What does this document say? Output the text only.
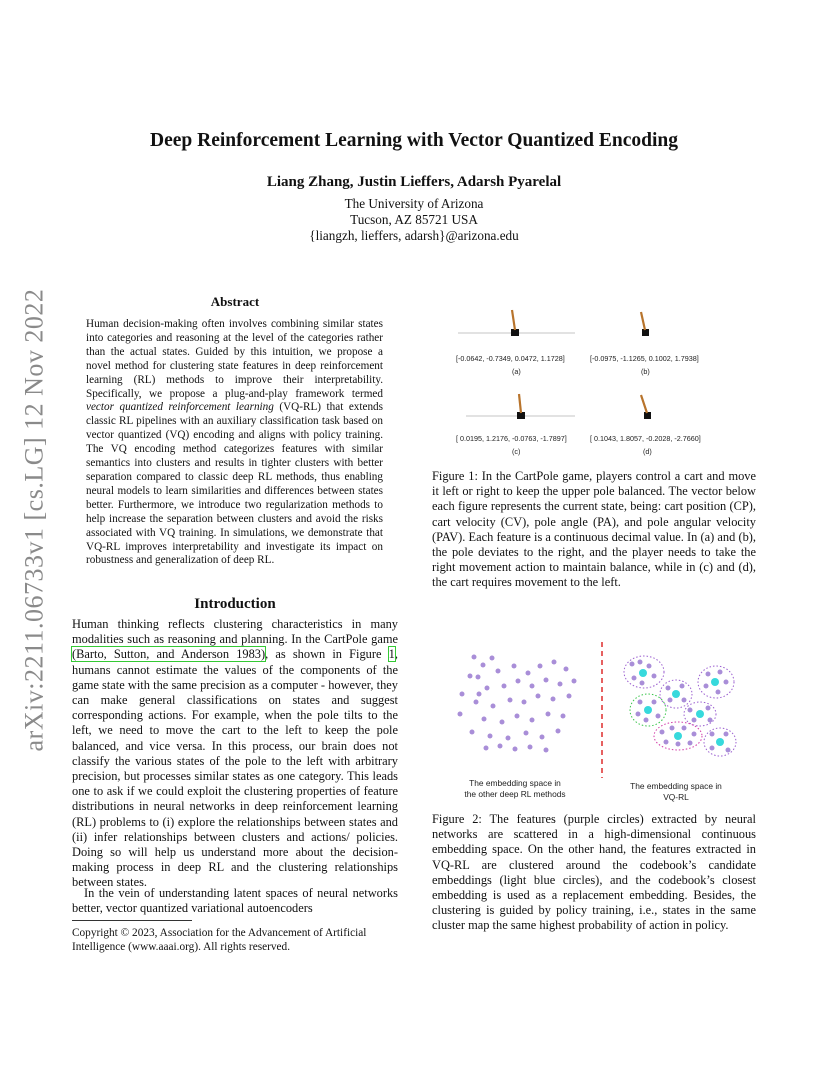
arXiv:2211.06733v1 [cs.LG] 12 Nov 2022
Deep Reinforcement Learning with Vector Quantized Encoding
Liang Zhang, Justin Lieffers, Adarsh Pyarelal
The University of Arizona
Tucson, AZ 85721 USA
{liangzh, lieffers, adarsh}@arizona.edu
Abstract
Human decision-making often involves combining similar states into categories and reasoning at the level of the categories rather than the actual states. Guided by this intuition, we propose a novel method for clustering state features in deep reinforcement learning (RL) methods to improve their interpretability. Specifically, we propose a plug-and-play framework termed vector quantized reinforcement learning (VQ-RL) that extends classic RL pipelines with an auxiliary classification task based on vector quantized (VQ) encoding and aligns with policy training. The VQ encoding method categorizes features with similar semantics into clusters and results in tighter clusters with better separation compared to classic deep RL methods, thus enabling neural models to learn similarities and differences between states better. Furthermore, we introduce two regularization methods to help increase the separation between clusters and avoid the risks associated with VQ training. In simulations, we demonstrate that VQ-RL improves interpretability and investigate its impact on robustness and generalization of deep RL.
Introduction
Human thinking reflects clustering characteristics in many modalities such as reasoning and planning. In the CartPole game (Barto, Sutton, and Anderson 1983), as shown in Figure 1, humans cannot estimate the values of the components of the game state with the same precision as a computer - however, they can make general classifications on states and suggest corresponding actions. For example, when the pole tilts to the left, we need to move the cart to the left to keep the pole balanced, and vice versa. In this process, our brain does not classify the various states of the pole to the left with arbitrary precision, but processes similar states as one category. This leads one to ask if we could exploit the clustering properties of feature distributions in neural networks in deep reinforcement learning (RL) problems to (i) explore the relationships between states and (ii) infer relationships between clusters and actions/ policies. Doing so will help us understand more about the decision-making process in deep RL and the clustering relationships between states.
In the vein of understanding latent spaces of neural networks better, vector quantized variational autoencoders
Copyright © 2023, Association for the Advancement of Artificial Intelligence (www.aaai.org). All rights reserved.
[-0.0642, -0.7349, 0.0472, 1.1728]	[-0.0975, -1.1265, 0.1002, 1.7938]
(a)	(b)
[ 0.0195, 1.2176, -0.0763, -1.7897]	[ 0.1043, 1.8057, -0.2028, -2.7660]
(c)	(d)
Figure 1: In the CartPole game, players control a cart and move it left or right to keep the upper pole balanced. The vector below each figure represents the current state, being: cart position (CP), cart velocity (CV), pole angle (PA), and pole angular velocity (PAV). Each feature is a continuous decimal value. In (a) and (b), the pole deviates to the right, and the player needs to take the right movement action to maintain balance, while in (c) and (d), the cart requires movement to the left.
The embedding space in
the other deep RL methods
The embedding space in
VQ-RL
Figure 2: The features (purple circles) extracted by neural networks are scattered in a high-dimensional continuous embedding space. On the other hand, the features extracted in VQ-RL are clustered around the codebook’s candidate embeddings (light blue circles), and the codebook’s closest embedding is used as a replacement embedding. Besides, the clustering is guided by policy training, i.e., states in the same cluster map the same highest probability of action in policy.
